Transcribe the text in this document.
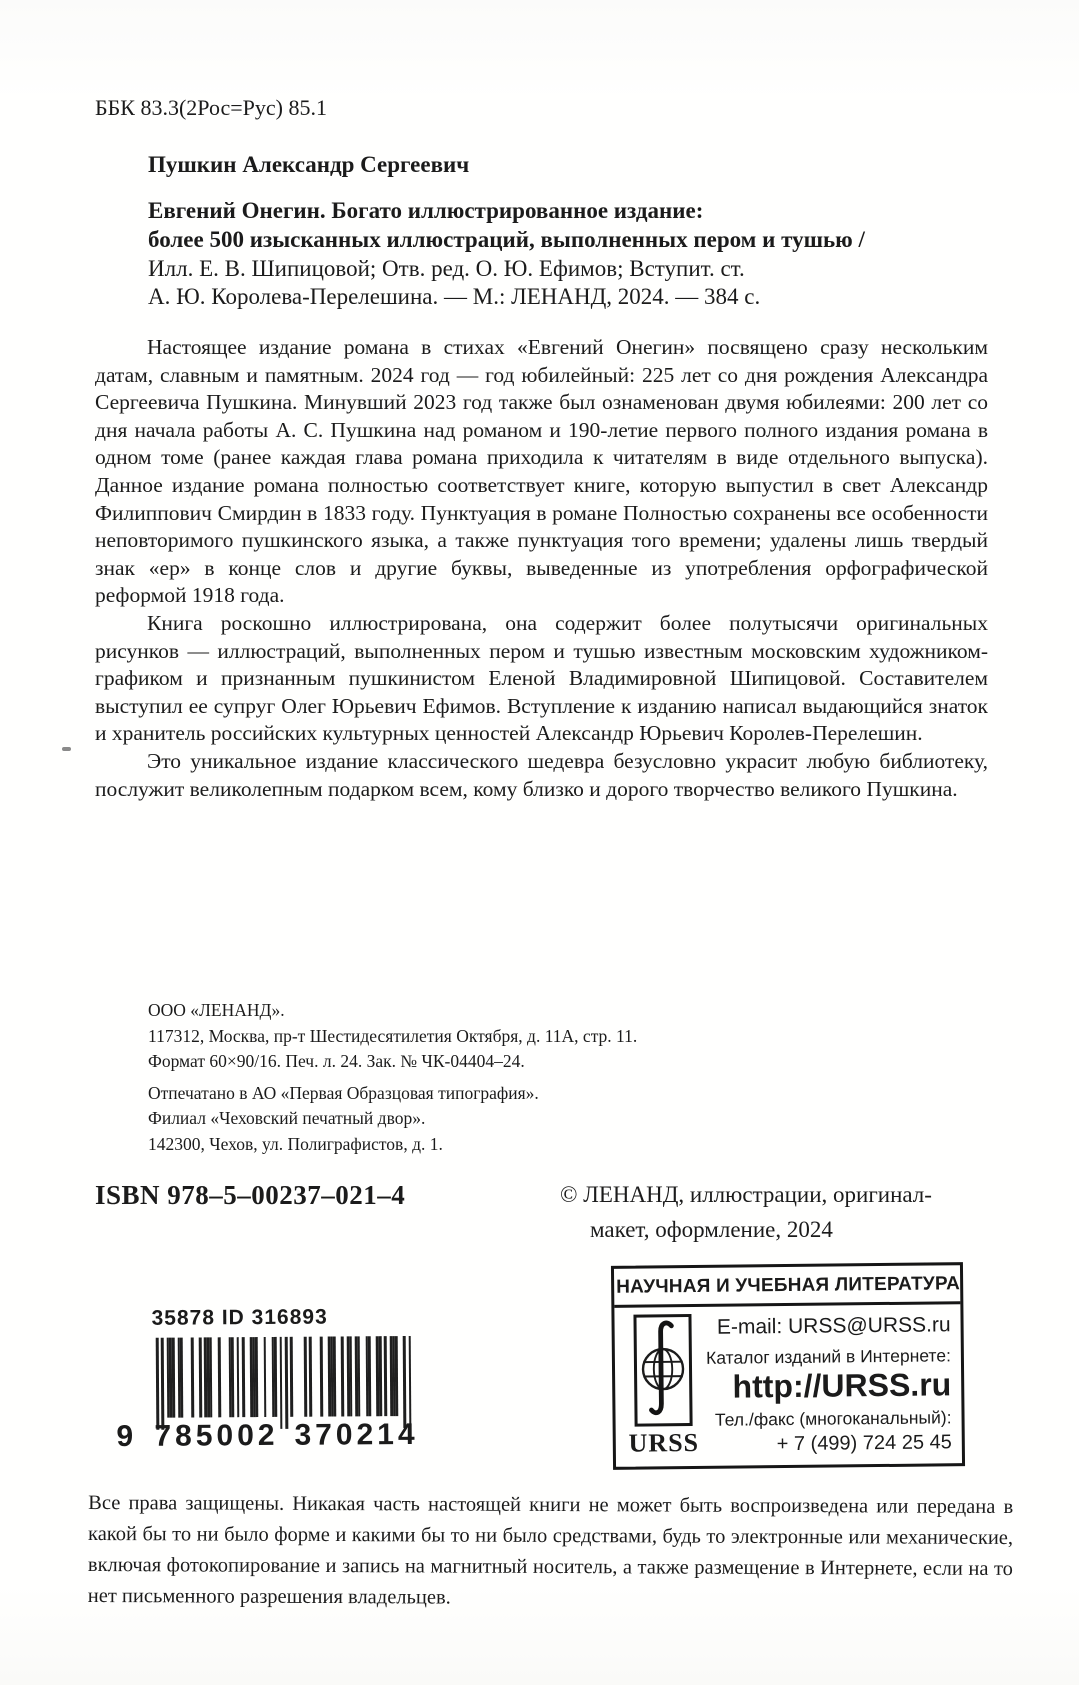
ББК 83.3(2Рос=Рус) 85.1
Пушкин Александр Сергеевич
Евгений Онегин. Богато иллюстрированное издание:
более 500 изысканных иллюстраций, выполненных пером и тушью /
Илл. Е. В. Шипицовой; Отв. ред. О. Ю. Ефимов; Вступит. ст.
А. Ю. Королева-Перелешина. — М.: ЛЕНАНД, 2024. — 384 с.

Настоящее издание романа в стихах «Евгений Онегин» посвящено сразу нескольким датам, славным и памятным. 2024 год — год юбилейный: 225 лет со дня рождения Александра Сергеевича Пушкина. Минувший 2023 год также был ознаменован двумя юбилеями: 200 лет со дня начала работы А. С. Пушкина над романом и 190-летие первого полного издания романа в одном томе (ранее каждая глава романа приходила к читателям в виде отдельного выпуска). Данное издание романа полностью соответствует книге, которую выпустил в свет Александр Филиппович Смирдин в 1833 году. Пунктуация в романе Полностью сохранены все особенности неповторимого пушкинского языка, а также пунктуация того времени; удалены лишь твердый знак «ер» в конце слов и другие буквы, выведенные из употребления орфографической реформой 1918 года.

Книга роскошно иллюстрирована, она содержит более полутысячи оригинальных рисунков — иллюстраций, выполненных пером и тушью известным московским художником-графиком и признанным пушкинистом Еленой Владимировной Шипицовой. Составителем выступил ее супруг Олег Юрьевич Ефимов. Вступление к изданию написал выдающийся знаток и хранитель российских культурных ценностей Александр Юрьевич Королев-Перелешин.

Это уникальное издание классического шедевра безусловно украсит любую библиотеку, послужит великолепным подарком всем, кому близко и дорого творчество великого Пушкина.

ООО «ЛЕНАНД».
117312, Москва, пр-т Шестидесятилетия Октября, д. 11А, стр. 11.
Формат 60×90/16. Печ. л. 24. Зак. № ЧК-04404–24.
Отпечатано в АО «Первая Образцовая типография».
Филиал «Чеховский печатный двор».
142300, Чехов, ул. Полиграфистов, д. 1.
ISBN 978–5–00237–021–4	© ЛЕНАНД, иллюстрации, оригинал-
макет, оформление, 2024
35878 ID 316893
9 785002 370214
НАУЧНАЯ И УЧЕБНАЯ ЛИТЕРАТУРА
URSS
E-mail: URSS@URSS.ru
Каталог изданий в Интернете:
http://URSS.ru
Тел./факс (многоканальный):
+ 7 (499) 724 25 45

Все права защищены. Никакая часть настоящей книги не может быть воспроизведена или передана в какой бы то ни было форме и какими бы то ни было средствами, будь то электронные или механические, включая фотокопирование и запись на магнитный носитель, а также размещение в Интернете, если на то нет письменного разрешения владельцев.
